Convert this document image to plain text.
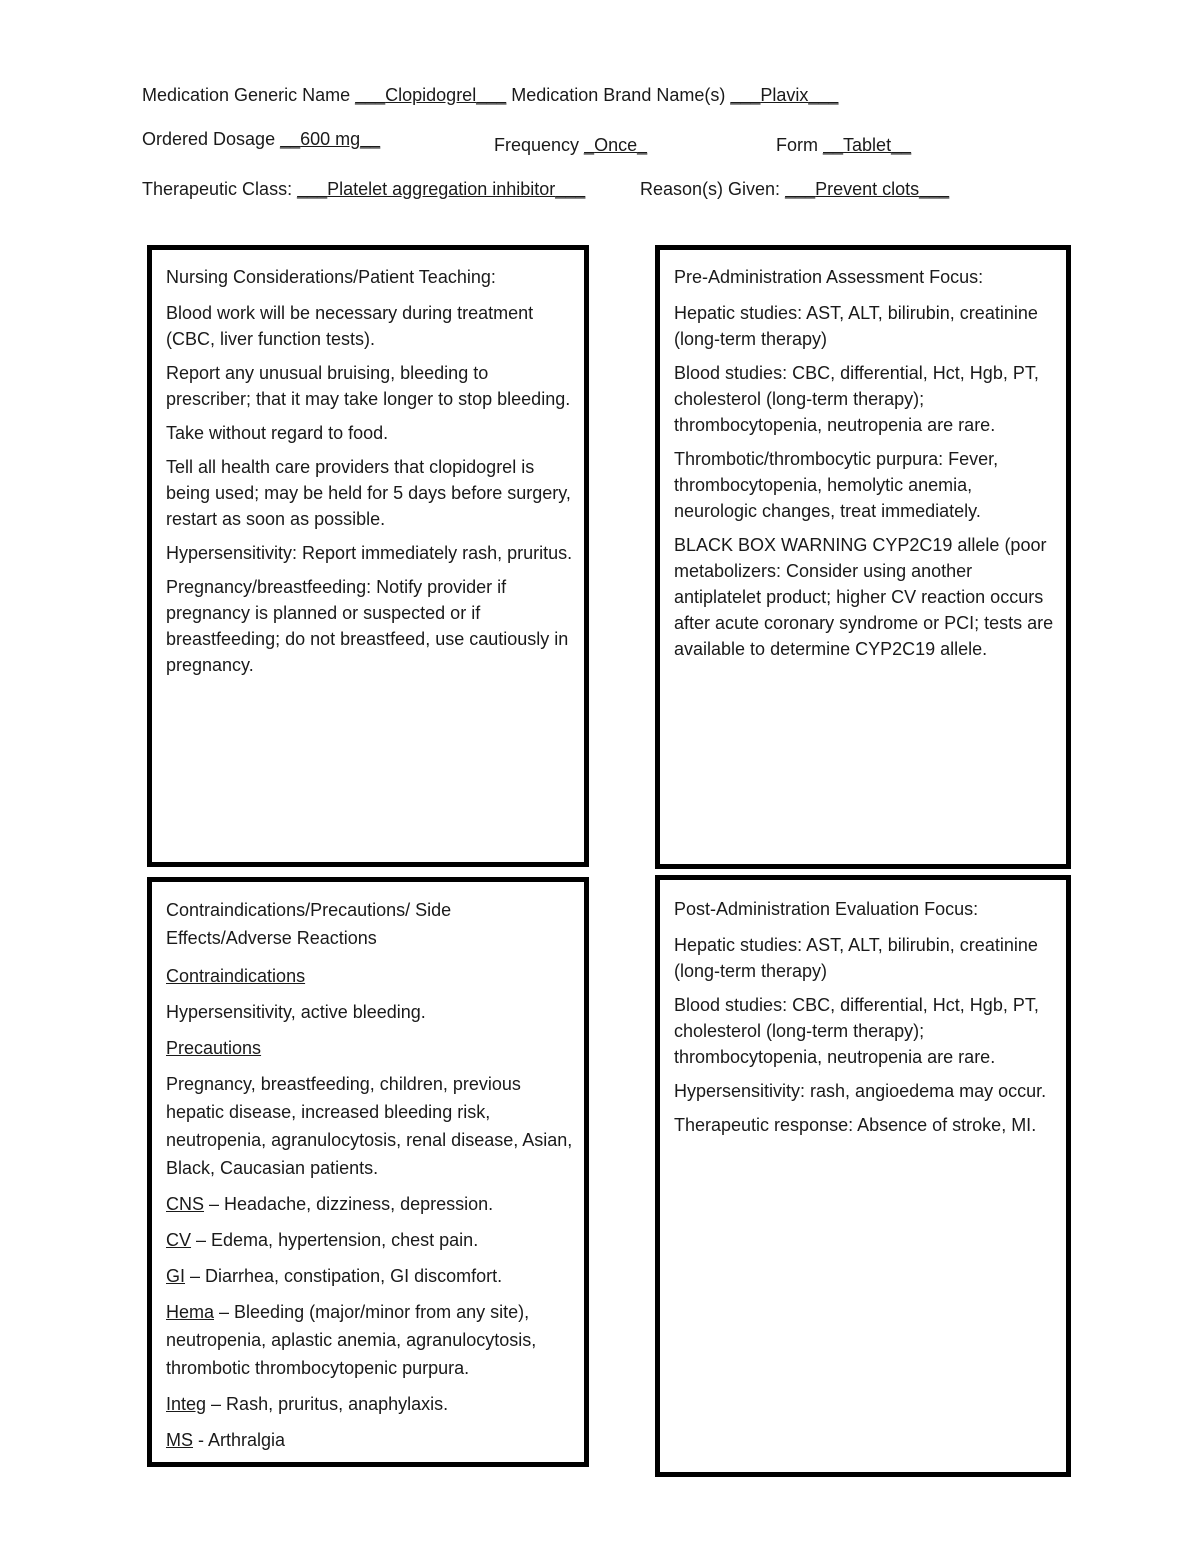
Medication Generic Name ___Clopidogrel___ Medication Brand Name(s) ___Plavix___
Ordered Dosage __600 mg__	Frequency _Once_	Form __Tablet__
Therapeutic Class: ___Platelet aggregation inhibitor___	Reason(s) Given: ___Prevent clots___

Nursing Considerations/Patient Teaching:

Blood work will be necessary during treatment (CBC, liver function tests).

Report any unusual bruising, bleeding to prescriber; that it may take longer to stop bleeding.

Take without regard to food.

Tell all health care providers that clopidogrel is being used; may be held for 5 days before surgery, restart as soon as possible.

Hypersensitivity: Report immediately rash, pruritus.

Pregnancy/breastfeeding: Notify provider if pregnancy is planned or suspected or if breastfeeding; do not breastfeed, use cautiously in pregnancy.

Pre-Administration Assessment Focus:

Hepatic studies: AST, ALT, bilirubin, creatinine (long-term therapy)

Blood studies: CBC, differential, Hct, Hgb, PT, cholesterol (long-term therapy); thrombocytopenia, neutropenia are rare.

Thrombotic/thrombocytic purpura: Fever, thrombocytopenia, hemolytic anemia, neurologic changes, treat immediately.

BLACK BOX WARNING CYP2C19 allele (poor metabolizers: Consider using another antiplatelet product; higher CV reaction occurs after acute coronary syndrome or PCI; tests are available to determine CYP2C19 allele.

Contraindications/Precautions/ Side Effects/Adverse Reactions

Contraindications

Hypersensitivity, active bleeding.

Precautions

Pregnancy, breastfeeding, children, previous hepatic disease, increased bleeding risk, neutropenia, agranulocytosis, renal disease, Asian, Black, Caucasian patients.

CNS – Headache, dizziness, depression.

CV – Edema, hypertension, chest pain.

GI – Diarrhea, constipation, GI discomfort.

Hema – Bleeding (major/minor from any site), neutropenia, aplastic anemia, agranulocytosis, thrombotic thrombocytopenic purpura.

Integ – Rash, pruritus, anaphylaxis.

MS - Arthralgia

Post-Administration Evaluation Focus:

Hepatic studies: AST, ALT, bilirubin, creatinine (long-term therapy)

Blood studies: CBC, differential, Hct, Hgb, PT, cholesterol (long-term therapy); thrombocytopenia, neutropenia are rare.

Hypersensitivity: rash, angioedema may occur.

Therapeutic response: Absence of stroke, MI.
